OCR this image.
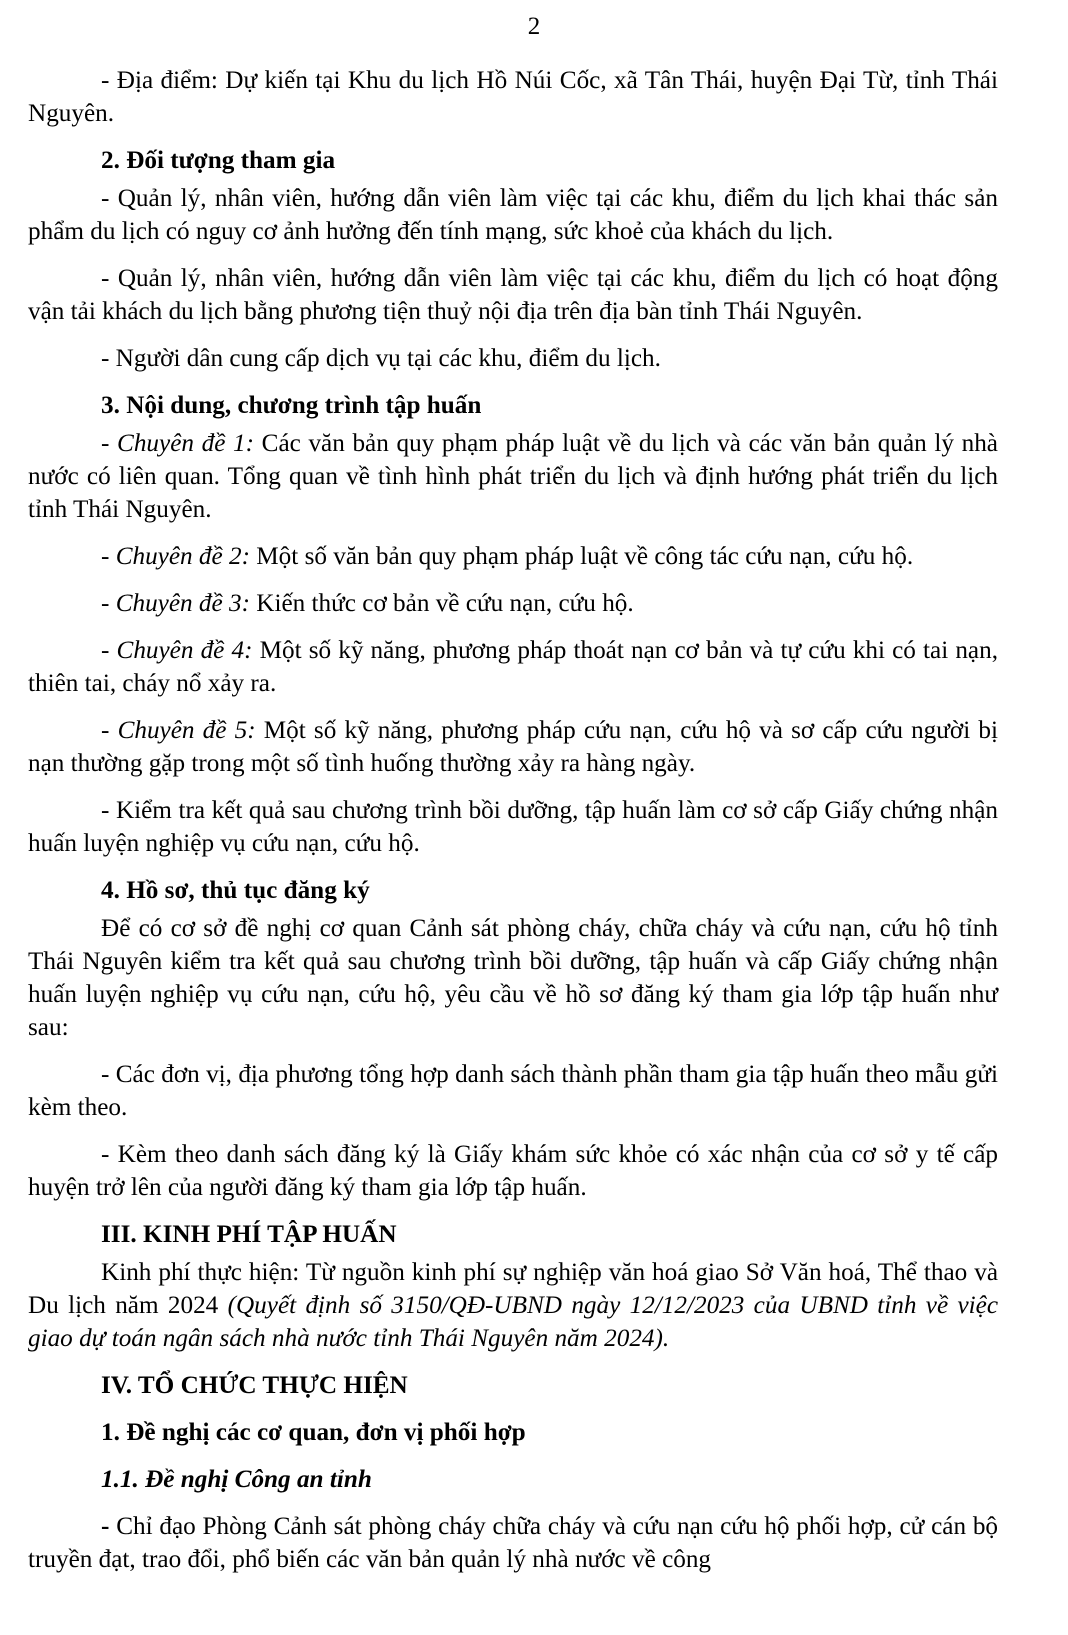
2

- Địa điểm: Dự kiến tại Khu du lịch Hồ Núi Cốc, xã Tân Thái, huyện Đại Từ, tỉnh Thái Nguyên.

2. Đối tượng tham gia

- Quản lý, nhân viên, hướng dẫn viên làm việc tại các khu, điểm du lịch khai thác sản phẩm du lịch có nguy cơ ảnh hưởng đến tính mạng, sức khoẻ của khách du lịch.

- Quản lý, nhân viên, hướng dẫn viên làm việc tại các khu, điểm du lịch có hoạt động vận tải khách du lịch bằng phương tiện thuỷ nội địa trên địa bàn tỉnh Thái Nguyên.

- Người dân cung cấp dịch vụ tại các khu, điểm du lịch.

3. Nội dung, chương trình tập huấn

- Chuyên đề 1: Các văn bản quy phạm pháp luật về du lịch và các văn bản quản lý nhà nước có liên quan. Tổng quan về tình hình phát triển du lịch và định hướng phát triển du lịch tỉnh Thái Nguyên.

- Chuyên đề 2: Một số văn bản quy phạm pháp luật về công tác cứu nạn, cứu hộ.

- Chuyên đề 3: Kiến thức cơ bản về cứu nạn, cứu hộ.

- Chuyên đề 4: Một số kỹ năng, phương pháp thoát nạn cơ bản và tự cứu khi có tai nạn, thiên tai, cháy nổ xảy ra.

- Chuyên đề 5: Một số kỹ năng, phương pháp cứu nạn, cứu hộ và sơ cấp cứu người bị nạn thường gặp trong một số tình huống thường xảy ra hàng ngày.

- Kiểm tra kết quả sau chương trình bồi dưỡng, tập huấn làm cơ sở cấp Giấy chứng nhận huấn luyện nghiệp vụ cứu nạn, cứu hộ.

4. Hồ sơ, thủ tục đăng ký

Để có cơ sở đề nghị cơ quan Cảnh sát phòng cháy, chữa cháy và cứu nạn, cứu hộ tỉnh Thái Nguyên kiểm tra kết quả sau chương trình bồi dưỡng, tập huấn và cấp Giấy chứng nhận huấn luyện nghiệp vụ cứu nạn, cứu hộ, yêu cầu về hồ sơ đăng ký tham gia lớp tập huấn như sau:

- Các đơn vị, địa phương tổng hợp danh sách thành phần tham gia tập huấn theo mẫu gửi kèm theo.

- Kèm theo danh sách đăng ký là Giấy khám sức khỏe có xác nhận của cơ sở y tế cấp huyện trở lên của người đăng ký tham gia lớp tập huấn.

III. KINH PHÍ TẬP HUẤN

Kinh phí thực hiện: Từ nguồn kinh phí sự nghiệp văn hoá giao Sở Văn hoá, Thể thao và Du lịch năm 2024 (Quyết định số 3150/QĐ-UBND ngày 12/12/2023 của UBND tỉnh về việc giao dự toán ngân sách nhà nước tỉnh Thái Nguyên năm 2024).

IV. TỔ CHỨC THỰC HIỆN

1. Đề nghị các cơ quan, đơn vị phối hợp

1.1. Đề nghị Công an tỉnh

- Chỉ đạo Phòng Cảnh sát phòng cháy chữa cháy và cứu nạn cứu hộ phối hợp, cử cán bộ truyền đạt, trao đổi, phổ biến các văn bản quản lý nhà nước về công
